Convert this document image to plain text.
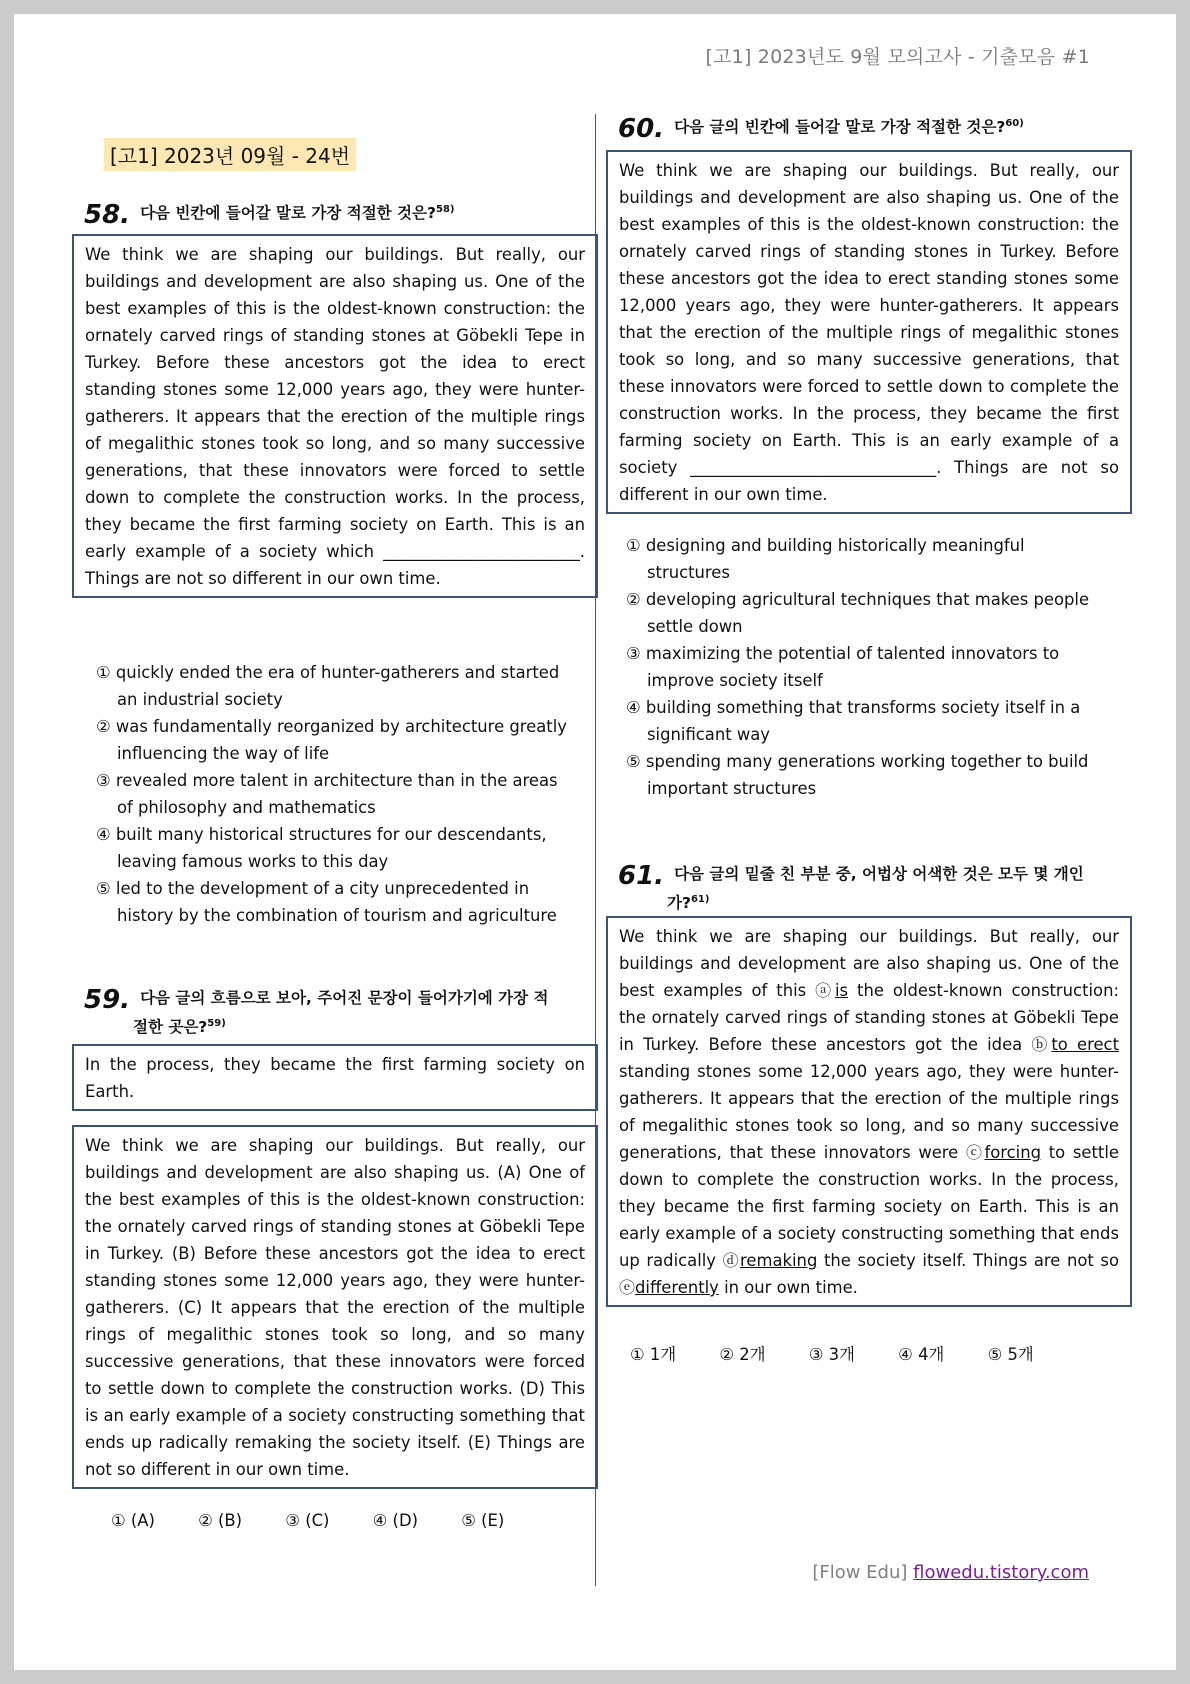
[고1] 2023년도 9월 모의고사 - 기출모음 #1
[고1] 2023년 09월 - 24번
58. 다음 빈칸에 들어갈 말로 가장 적절한 것은?$^{58)}$

We think we are shaping our buildings. But really, our buildings and development are also shaping us. One of the best examples of this is the oldest-known construction: the ornately carved rings of standing stones at Göbekli Tepe in Turkey. Before these ancestors got the idea to erect standing stones some 12,000 years ago, they were hunter-gatherers. It appears that the erection of the multiple rings of megalithic stones took so long, and so many successive generations, that these innovators were forced to settle down to complete the construction works. In the process, they became the first farming society on Earth. This is an early example of a society which ________________________. Things are not so different in our own time.

① quickly ended the era of hunter-gatherers and started an industrial society

② was fundamentally reorganized by architecture greatly influencing the way of life

③ revealed more talent in architecture than in the areas of philosophy and mathematics

④ built many historical structures for our descendants, leaving famous works to this day

⑤ led to the development of a city unprecedented in history by the combination of tourism and agriculture

59. 다음 글의 흐름으로 보아, 주어진 문장이 들어가기에 가장 적
절한 곳은?$^{59)}$

In the process, they became the first farming society on Earth.

We think we are shaping our buildings. But really, our buildings and development are also shaping us. (A) One of the best examples of this is the oldest-known construction: the ornately carved rings of standing stones at Göbekli Tepe in Turkey. (B) Before these ancestors got the idea to erect standing stones some 12,000 years ago, they were hunter-gatherers. (C) It appears that the erection of the multiple rings of megalithic stones took so long, and so many successive generations, that these innovators were forced to settle down to complete the construction works. (D) This is an early example of a society constructing something that ends up radically remaking the society itself. (E) Things are not so different in our own time.

① (A)	② (B)	③ (C)	④ (D)	⑤ (E)
60. 다음 글의 빈칸에 들어갈 말로 가장 적절한 것은?$^{60)}$

We think we are shaping our buildings. But really, our buildings and development are also shaping us. One of the best examples of this is the oldest-known construction: the ornately carved rings of standing stones in Turkey. Before these ancestors got the idea to erect standing stones some 12,000 years ago, they were hunter-gatherers. It appears that the erection of the multiple rings of megalithic stones took so long, and so many successive generations, that these innovators were forced to settle down to complete the construction works. In the process, they became the first farming society on Earth. This is an early example of a society ______________________________. Things are not so different in our own time.

① designing and building historically meaningful structures

② developing agricultural techniques that makes people settle down

③ maximizing the potential of talented innovators to improve society itself

④ building something that transforms society itself in a significant way

⑤ spending many generations working together to build important structures

61. 다음 글의 밑줄 친 부분 중, 어법상 어색한 것은 모두 몇 개인
가?$^{61)}$

We think we are shaping our buildings. But really, our buildings and development are also shaping us. One of the best examples of this ⓐis the oldest-known construction: the ornately carved rings of standing stones at Göbekli Tepe in Turkey. Before these ancestors got the idea ⓑto erect standing stones some 12,000 years ago, they were hunter-gatherers. It appears that the erection of the multiple rings of megalithic stones took so long, and so many successive generations, that these innovators were ⓒforcing to settle down to complete the construction works. In the process, they became the first farming society on Earth. This is an early example of a society constructing something that ends up radically ⓓremaking the society itself. Things are not so ⓔdifferently in our own time.

① 1개	② 2개	③ 3개	④ 4개	⑤ 5개
[Flow Edu] flowedu.tistory.com
